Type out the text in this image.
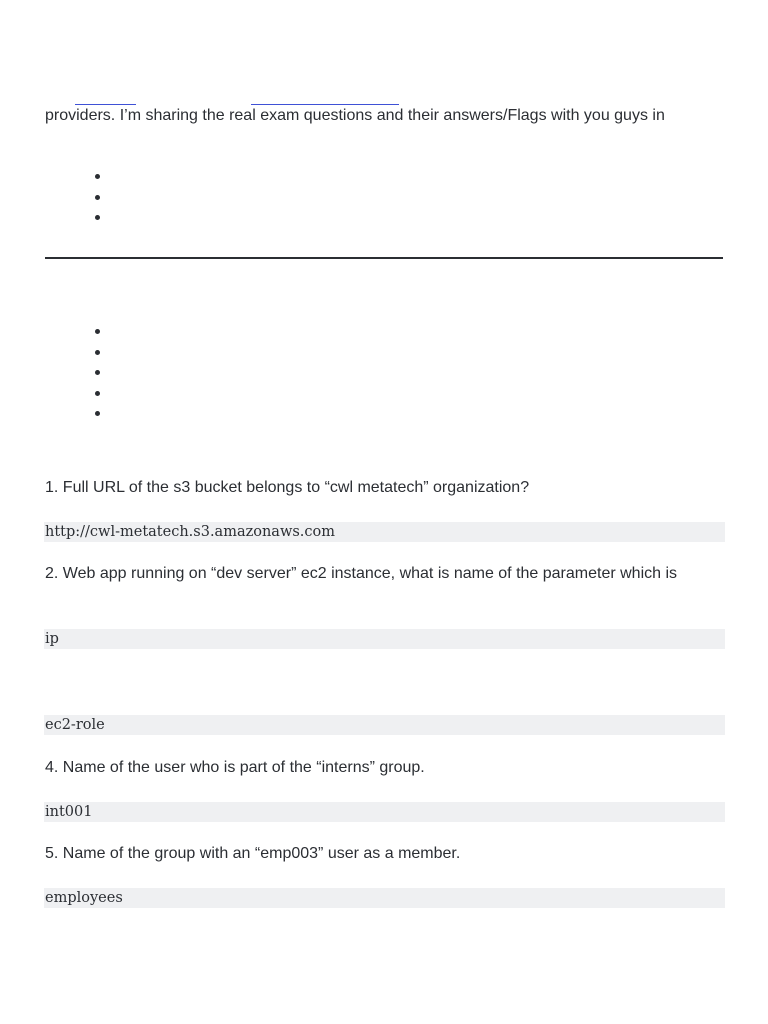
providers. I’m sharing the real exam questions and their answers/Flags with you guys in
1. Full URL of the s3 bucket belongs to “cwl metatech” organization?
http://cwl-metatech.s3.amazonaws.com
2. Web app running on “dev server” ec2 instance, what is name of the parameter which is
ip
ec2-role
4. Name of the user who is part of the “interns” group.
int001
5. Name of the group with an “emp003” user as a member.
employees
